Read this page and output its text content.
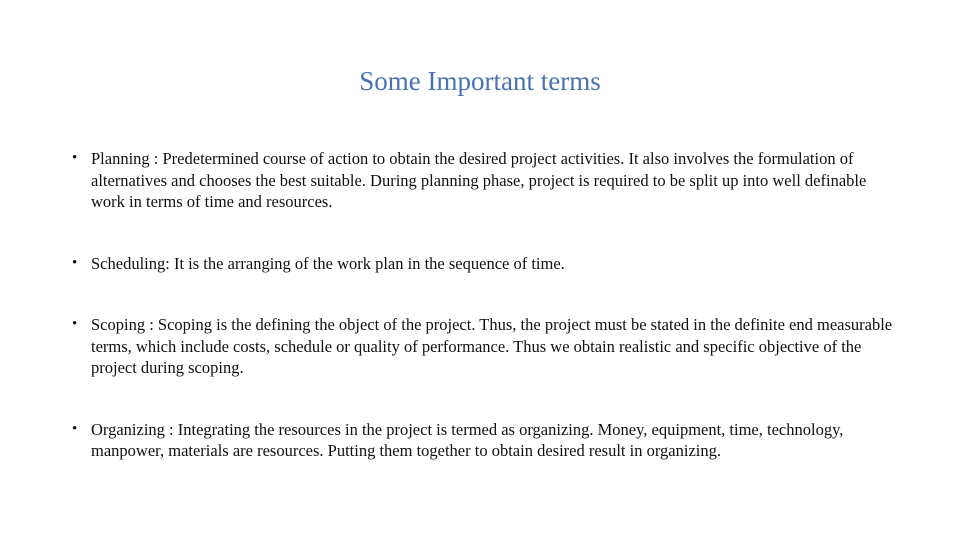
Some Important terms
• Planning : Predetermined course of action to obtain the desired project activities. It also involves the formulation of alternatives and chooses the best suitable. During planning phase, project is required to be split up into well definable work in terms of time and resources.
• Scheduling: It is the arranging of the work plan in the sequence of time.
• Scoping : Scoping is the defining the object of the project. Thus, the project must be stated in the definite end measurable terms, which include costs, schedule or quality of performance. Thus we obtain realistic and specific objective of the project during scoping.
• Organizing : Integrating the resources in the project is termed as organizing. Money, equipment, time, technology, manpower, materials are resources. Putting them together to obtain desired result in organizing.
